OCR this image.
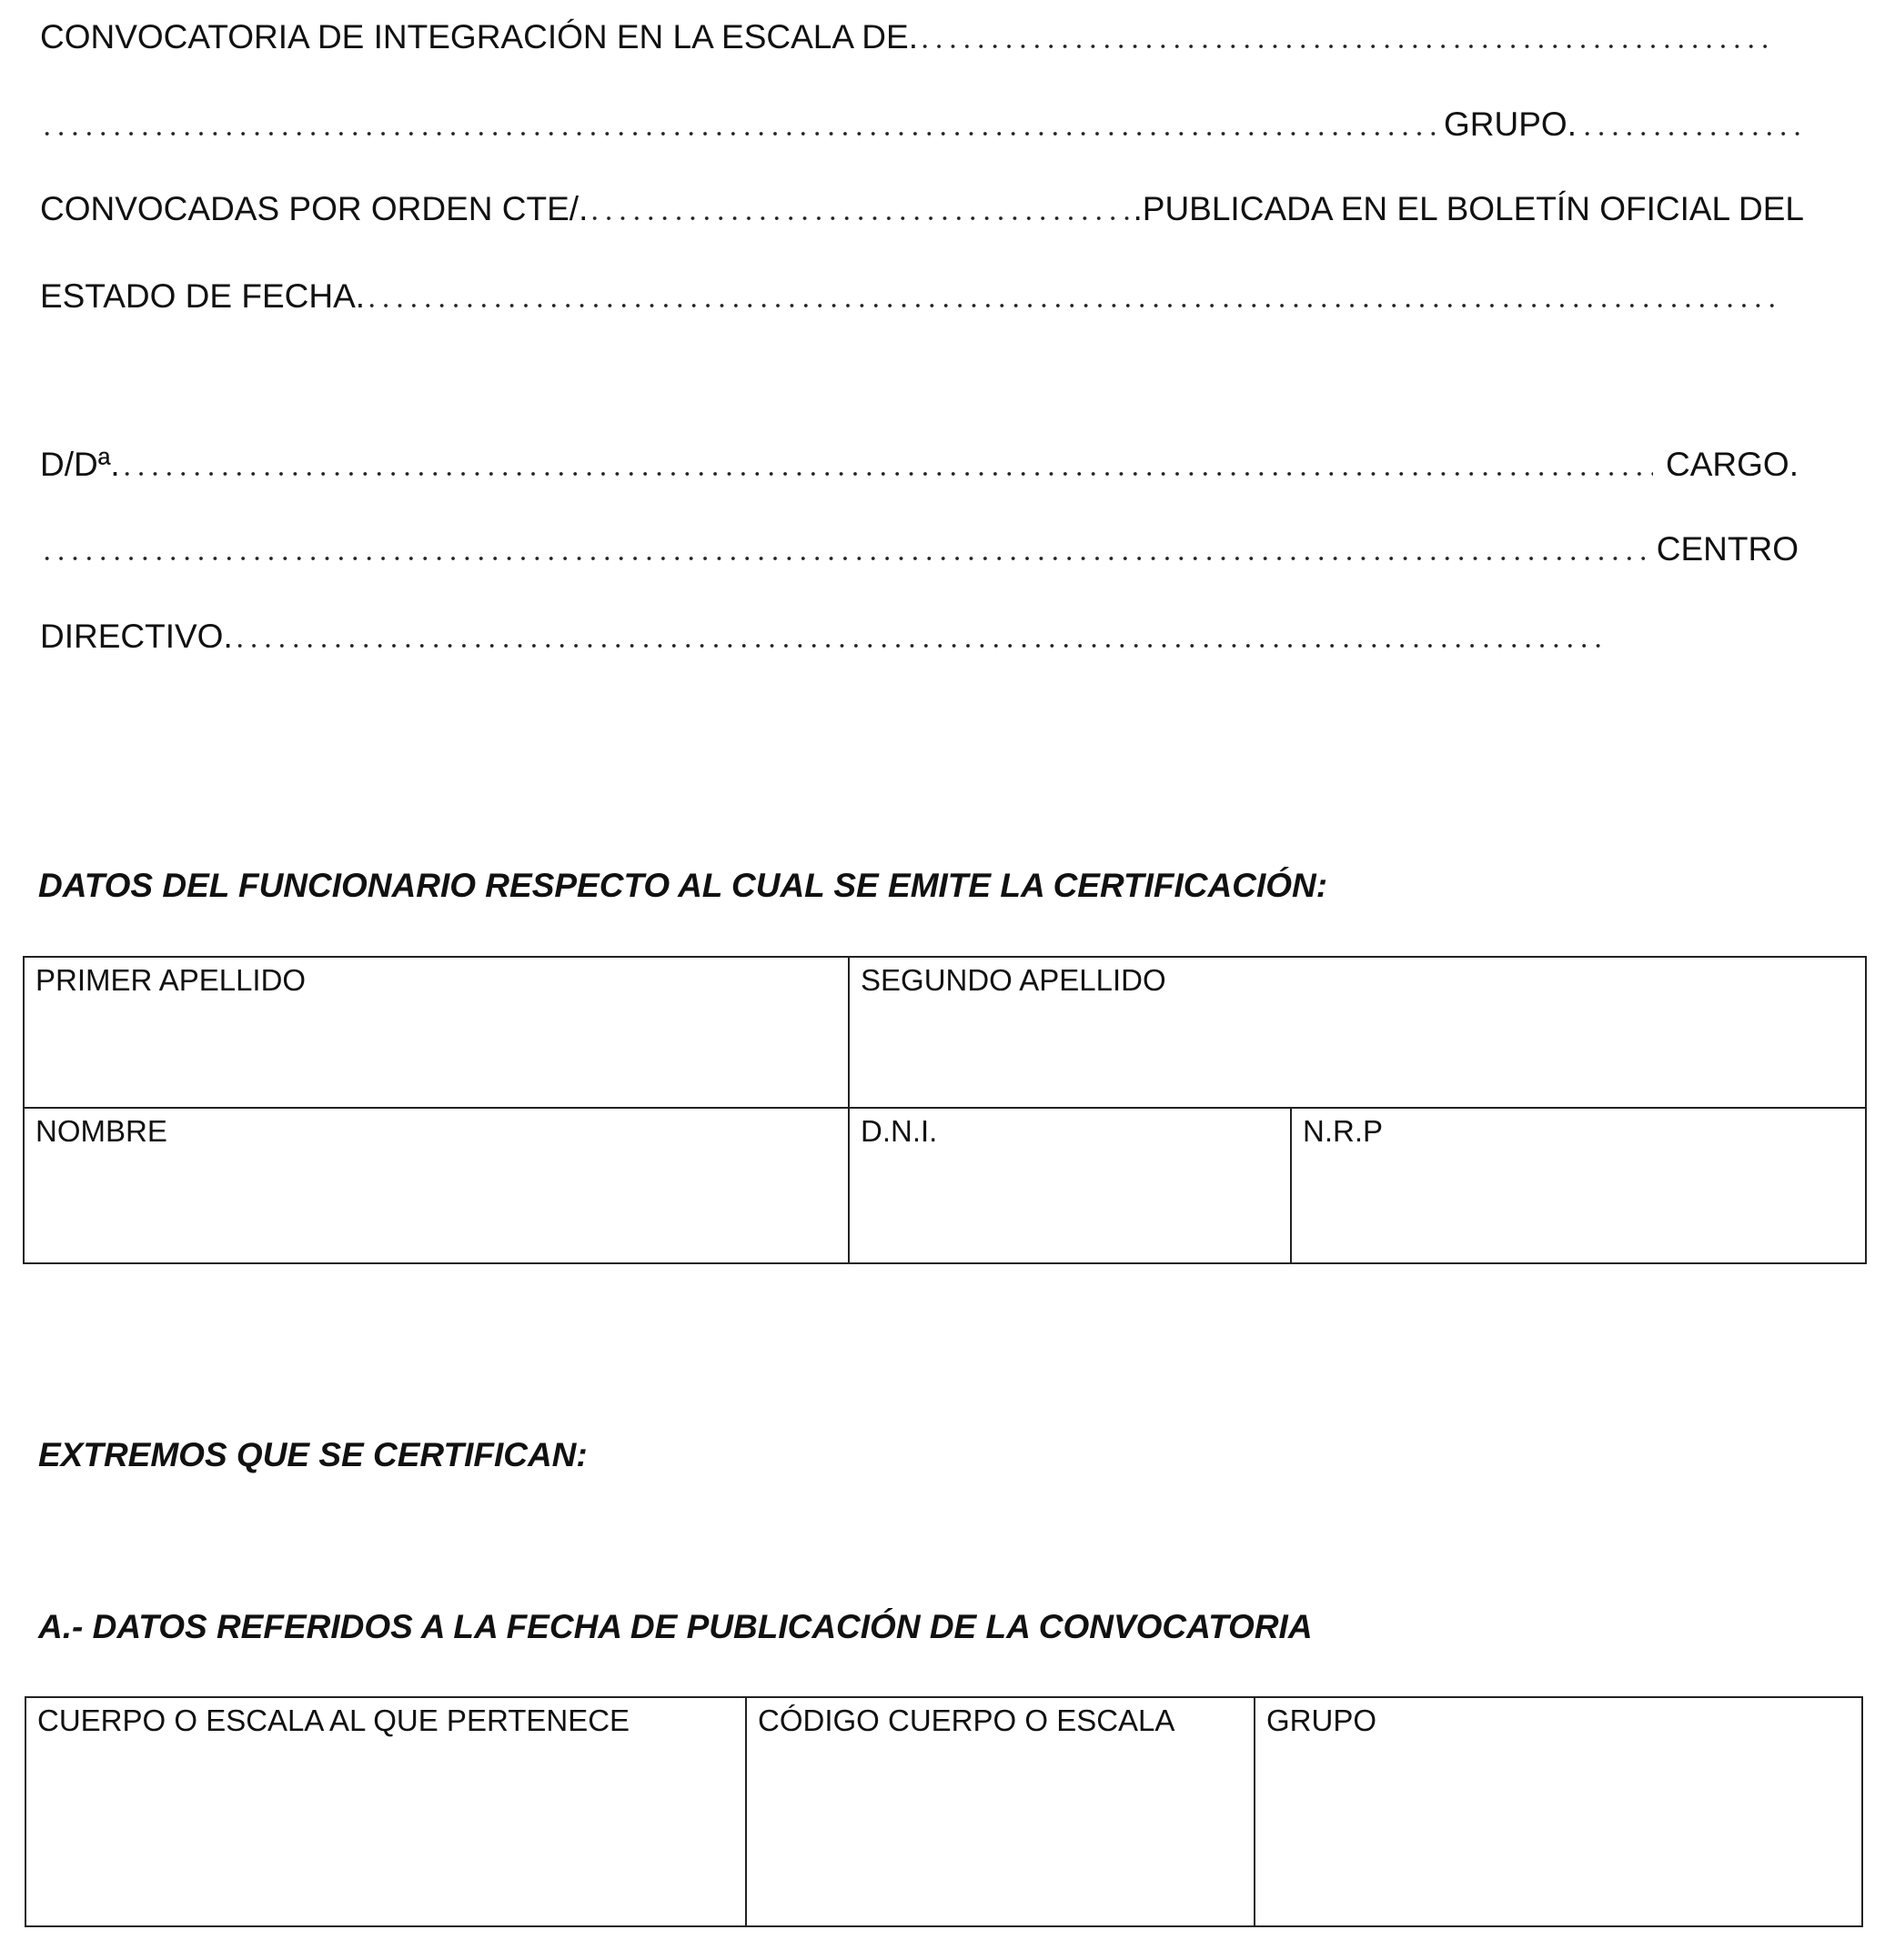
CONVOCATORIA DE INTEGRACIÓN EN LA ESCALA DE.
GRUPO.
CONVOCADAS POR ORDEN CTE/.	.PUBLICADA EN EL BOLETÍN OFICIAL DEL
ESTADO DE FECHA.
D/Dª.	CARGO.
CENTRO
DIRECTIVO.
DATOS DEL FUNCIONARIO RESPECTO AL CUAL SE EMITE LA CERTIFICACIÓN:
PRIMER APELLIDO	SEGUNDO APELLIDO	
NOMBRE	D.N.I.	N.R.P
EXTREMOS QUE SE CERTIFICAN:
A.- DATOS REFERIDOS A LA FECHA DE PUBLICACIÓN DE LA CONVOCATORIA
CUERPO O ESCALA AL QUE PERTENECE	CÓDIGO CUERPO O ESCALA	GRUPO
